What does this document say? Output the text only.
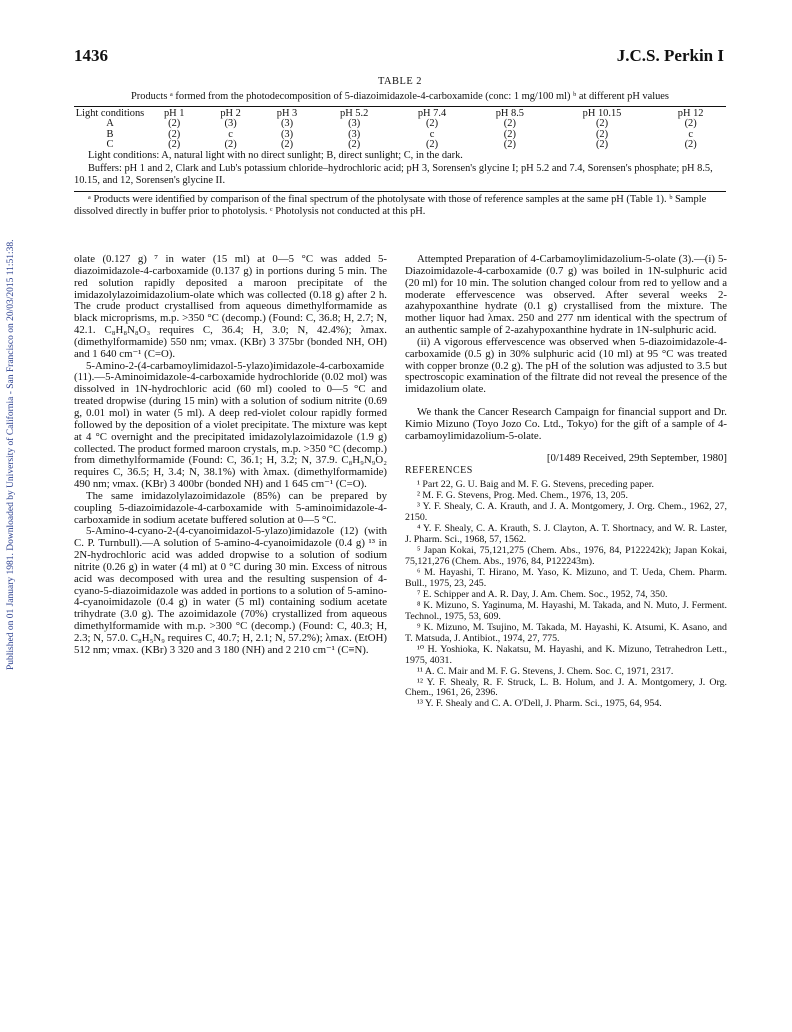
Published on 01 January 1981. Downloaded by University of California - San Francisco on 20/03/2015 11:51:38.
1436	J.C.S. Perkin I
TABLE 2
Products ᵃ formed from the photodecomposition of 5-diazoimidazole-4-carboxamide (conc: 1 mg/100 ml) ᵇ at different pH values
Light conditions	pH 1	pH 2	pH 3	pH 5.2	pH 7.4	pH 8.5	pH 10.15	pH 12
A	(2)	(3)	(3)	(3)	(2)	(2)	(2)	(2)
B	(2)	c	(3)	(3)	c	(2)	(2)	c
C	(2)	(2)	(2)	(2)	(2)	(2)	(2)	(2)

Light conditions: A, natural light with no direct sunlight; B, direct sunlight; C, in the dark.

Buffers: pH 1 and 2, Clark and Lub's potassium chloride–hydrochloric acid; pH 3, Sorensen's glycine I; pH 5.2 and 7.4, Sorensen's phosphate; pH 8.5, 10.15, and 12, Sorensen's glycine II.

ᵃ Products were identified by comparison of the final spectrum of the photolysate with those of reference samples at the same pH (Table 1). ᵇ Sample dissolved directly in buffer prior to photolysis. ᶜ Photolysis not conducted at this pH.

olate (0.127 g) ⁷ in water (15 ml) at 0—5 °C was added 5-diazoimidazole-4-carboxamide (0.137 g) in portions during 5 min. The red solution rapidly deposited a maroon precipitate of the imidazolylazoimidazolium-olate which was collected (0.18 g) after 2 h. The crude product crystallised from aqueous dimethylformamide as black microprisms, m.p. >350 °C (decomp.) (Found: C, 36.8; H, 2.7; N, 42.1. C₈H₈N₈O₃ requires C, 36.4; H, 3.0; N, 42.4%); λmax. (dimethylformamide) 550 nm; νmax. (KBr) 3 375br (bonded NH, OH) and 1 640 cm⁻¹ (C=O).

5-Amino-2-(4-carbamoylimidazol-5-ylazo)imidazole-4-carboxamide (11).—5-Aminoimidazole-4-carboxamide hydrochloride (0.02 mol) was dissolved in 1N-hydrochloric acid (60 ml) cooled to 0—5 °C and treated dropwise (during 15 min) with a solution of sodium nitrite (0.69 g, 0.01 mol) in water (5 ml). A deep red-violet colour rapidly formed followed by the deposition of a violet precipitate. The mixture was kept at 4 °C overnight and the precipitated imidazolylazoimidazole (1.9 g) collected. The product formed maroon crystals, m.p. >350 °C (decomp.) from dimethylformamide (Found: C, 36.1; H, 3.2; N, 37.9. C₈H₉N₉O₂ requires C, 36.5; H, 3.4; N, 38.1%) with λmax. (dimethylformamide) 490 nm; νmax. (KBr) 3 400br (bonded NH) and 1 645 cm⁻¹ (C=O).

The same imidazolylazoimidazole (85%) can be prepared by coupling 5-diazoimidazole-4-carboxamide with 5-aminoimidazole-4-carboxamide in sodium acetate buffered solution at 0—5 °C.

5-Amino-4-cyano-2-(4-cyanoimidazol-5-ylazo)imidazole (12) (with C. P. Turnbull).—A solution of 5-amino-4-cyanoimidazole (0.4 g) ¹³ in 2N-hydrochloric acid was added dropwise to a solution of sodium nitrite (0.26 g) in water (4 ml) at 0 °C during 30 min. Excess of nitrous acid was decomposed with urea and the resulting suspension of 4-cyano-5-diazoimidazole was added in portions to a solution of 5-amino-4-cyanoimidazole (0.4 g) in water (5 ml) containing sodium acetate trihydrate (3.0 g). The azoimidazole (70%) crystallized from aqueous dimethylformamide with m.p. >300 °C (decomp.) (Found: C, 40.3; H, 2.3; N, 57.0. C₈H₅N₉ requires C, 40.7; H, 2.1; N, 57.2%); λmax. (EtOH) 512 nm; νmax. (KBr) 3 320 and 3 180 (NH) and 2 210 cm⁻¹ (C≡N).

Attempted Preparation of 4-Carbamoylimidazolium-5-olate (3).—(i) 5-Diazoimidazole-4-carboxamide (0.7 g) was boiled in 1N-sulphuric acid (20 ml) for 10 min. The solution changed colour from red to yellow and a moderate effervescence was observed. After several weeks 2-azahypoxanthine hydrate (0.1 g) crystallised from the mixture. The mother liquor had λmax. 250 and 277 nm identical with the spectrum of an authentic sample of 2-azahypoxanthine hydrate in 1N-sulphuric acid.

(ii) A vigorous effervescence was observed when 5-diazoimidazole-4-carboxamide (0.5 g) in 30% sulphuric acid (10 ml) at 95 °C was treated with copper bronze (0.2 g). The pH of the solution was adjusted to 3.5 but spectroscopic examination of the filtrate did not reveal the presence of the imidazolium olate.

We thank the Cancer Research Campaign for financial support and Dr. Kimio Mizuno (Toyo Jozo Co. Ltd., Tokyo) for the gift of a sample of 4-carbamoylimidazolium-5-olate.

[0/1489 Received, 29th September, 1980]

REFERENCES

¹ Part 22, G. U. Baig and M. F. G. Stevens, preceding paper.

² M. F. G. Stevens, Prog. Med. Chem., 1976, 13, 205.

³ Y. F. Shealy, C. A. Krauth, and J. A. Montgomery, J. Org. Chem., 1962, 27, 2150.

⁴ Y. F. Shealy, C. A. Krauth, S. J. Clayton, A. T. Shortnacy, and W. R. Laster, J. Pharm. Sci., 1968, 57, 1562.

⁵ Japan Kokai, 75,121,275 (Chem. Abs., 1976, 84, P122242k); Japan Kokai, 75,121,276 (Chem. Abs., 1976, 84, P122243m).

⁶ M. Hayashi, T. Hirano, M. Yaso, K. Mizuno, and T. Ueda, Chem. Pharm. Bull., 1975, 23, 245.

⁷ E. Schipper and A. R. Day, J. Am. Chem. Soc., 1952, 74, 350.

⁸ K. Mizuno, S. Yaginuma, M. Hayashi, M. Takada, and N. Muto, J. Ferment. Technol., 1975, 53, 609.

⁹ K. Mizuno, M. Tsujino, M. Takada, M. Hayashi, K. Atsumi, K. Asano, and T. Matsuda, J. Antibiot., 1974, 27, 775.

¹⁰ H. Yoshioka, K. Nakatsu, M. Hayashi, and K. Mizuno, Tetrahedron Lett., 1975, 4031.

¹¹ A. C. Mair and M. F. G. Stevens, J. Chem. Soc. C, 1971, 2317.

¹² Y. F. Shealy, R. F. Struck, L. B. Holum, and J. A. Montgomery, J. Org. Chem., 1961, 26, 2396.

¹³ Y. F. Shealy and C. A. O'Dell, J. Pharm. Sci., 1975, 64, 954.
